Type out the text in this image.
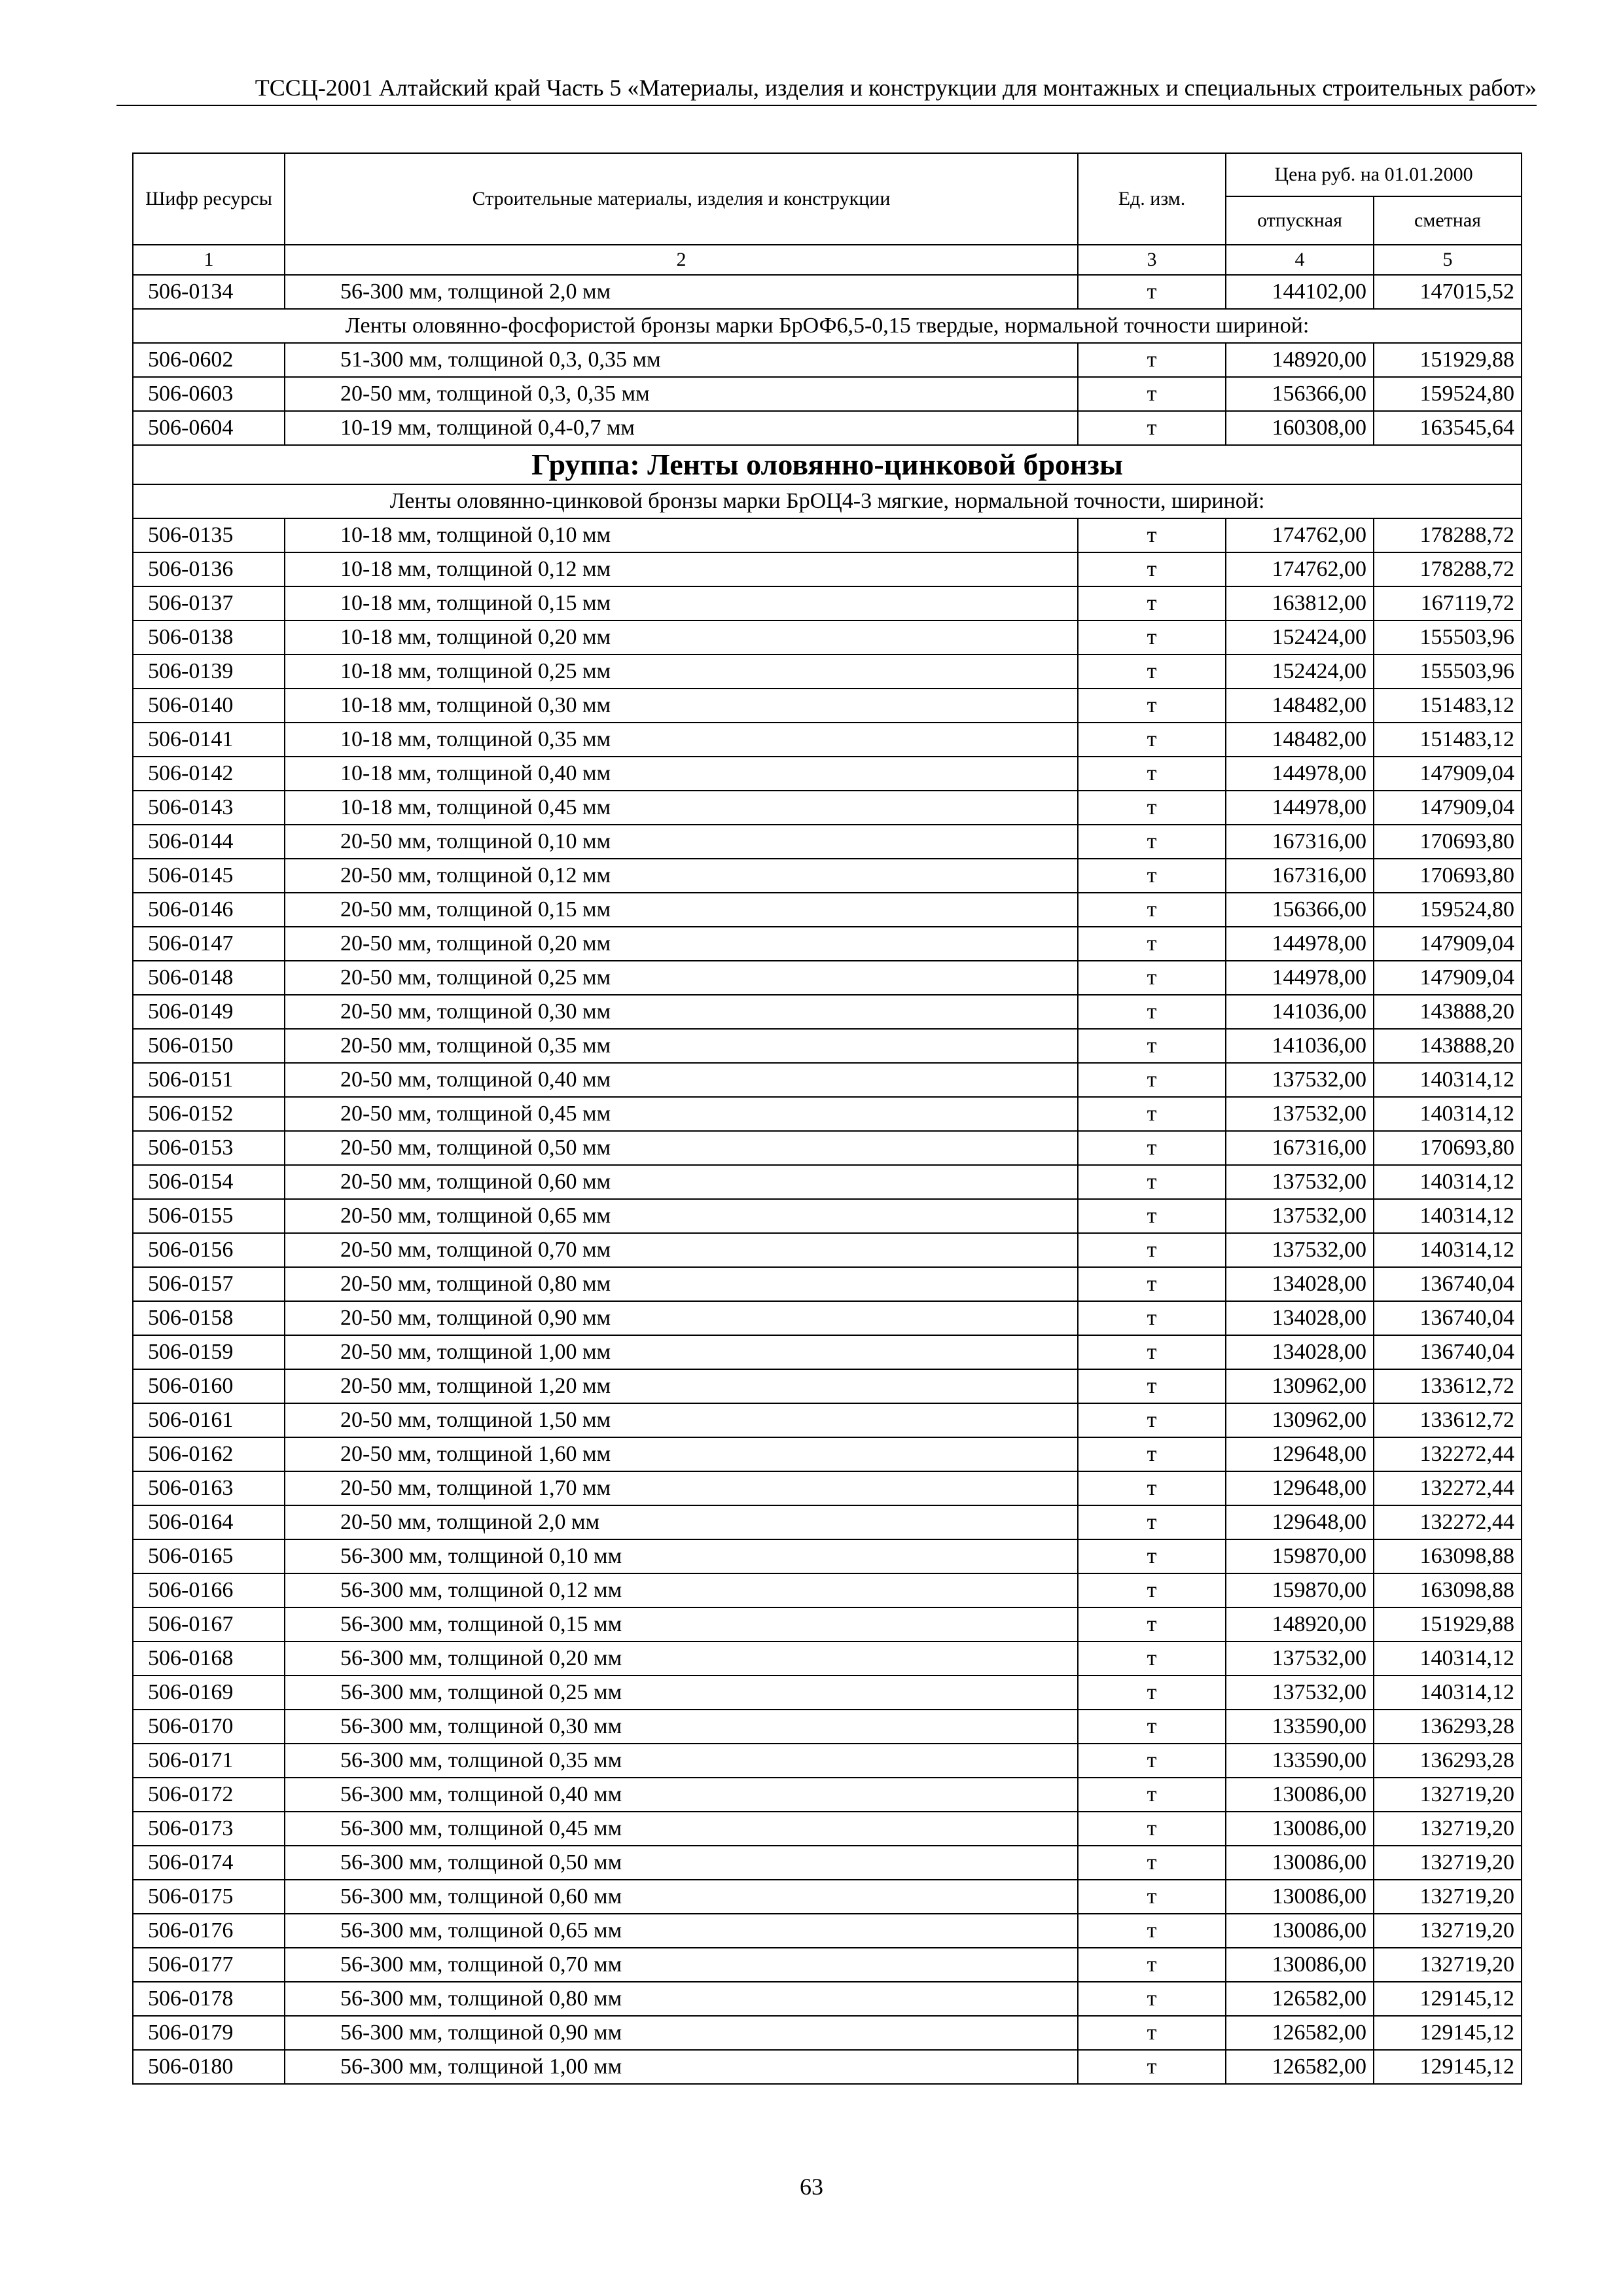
ТССЦ-2001 Алтайский край Часть 5 «Материалы, изделия и конструкции для монтажных и специальных строительных работ»
Шифр ресурсы	Строительные материалы, изделия и конструкции	Ед. изм.	Цена руб. на 01.01.2000	
			отпускная	сметная
1	2	3	4	5
506-0134	56-300 мм, толщиной 2,0 мм	т	144102,00	147015,52
Ленты оловянно-фосфористой бронзы марки БрОФ6,5-0,15 твердые, нормальной точности шириной:				
506-0602	51-300 мм, толщиной 0,3, 0,35 мм	т	148920,00	151929,88
506-0603	20-50 мм, толщиной 0,3, 0,35 мм	т	156366,00	159524,80
506-0604	10-19 мм, толщиной 0,4-0,7 мм	т	160308,00	163545,64
Группа: Ленты оловянно-цинковой бронзы				
Ленты оловянно-цинковой бронзы марки БрОЦ4-3 мягкие, нормальной точности, шириной:				
506-0135	10-18 мм, толщиной 0,10 мм	т	174762,00	178288,72
506-0136	10-18 мм, толщиной 0,12 мм	т	174762,00	178288,72
506-0137	10-18 мм, толщиной 0,15 мм	т	163812,00	167119,72
506-0138	10-18 мм, толщиной 0,20 мм	т	152424,00	155503,96
506-0139	10-18 мм, толщиной 0,25 мм	т	152424,00	155503,96
506-0140	10-18 мм, толщиной 0,30 мм	т	148482,00	151483,12
506-0141	10-18 мм, толщиной 0,35 мм	т	148482,00	151483,12
506-0142	10-18 мм, толщиной 0,40 мм	т	144978,00	147909,04
506-0143	10-18 мм, толщиной 0,45 мм	т	144978,00	147909,04
506-0144	20-50 мм, толщиной 0,10 мм	т	167316,00	170693,80
506-0145	20-50 мм, толщиной 0,12 мм	т	167316,00	170693,80
506-0146	20-50 мм, толщиной 0,15 мм	т	156366,00	159524,80
506-0147	20-50 мм, толщиной 0,20 мм	т	144978,00	147909,04
506-0148	20-50 мм, толщиной 0,25 мм	т	144978,00	147909,04
506-0149	20-50 мм, толщиной 0,30 мм	т	141036,00	143888,20
506-0150	20-50 мм, толщиной 0,35 мм	т	141036,00	143888,20
506-0151	20-50 мм, толщиной 0,40 мм	т	137532,00	140314,12
506-0152	20-50 мм, толщиной 0,45 мм	т	137532,00	140314,12
506-0153	20-50 мм, толщиной 0,50 мм	т	167316,00	170693,80
506-0154	20-50 мм, толщиной 0,60 мм	т	137532,00	140314,12
506-0155	20-50 мм, толщиной 0,65 мм	т	137532,00	140314,12
506-0156	20-50 мм, толщиной 0,70 мм	т	137532,00	140314,12
506-0157	20-50 мм, толщиной 0,80 мм	т	134028,00	136740,04
506-0158	20-50 мм, толщиной 0,90 мм	т	134028,00	136740,04
506-0159	20-50 мм, толщиной 1,00 мм	т	134028,00	136740,04
506-0160	20-50 мм, толщиной 1,20 мм	т	130962,00	133612,72
506-0161	20-50 мм, толщиной 1,50 мм	т	130962,00	133612,72
506-0162	20-50 мм, толщиной 1,60 мм	т	129648,00	132272,44
506-0163	20-50 мм, толщиной 1,70 мм	т	129648,00	132272,44
506-0164	20-50 мм, толщиной 2,0 мм	т	129648,00	132272,44
506-0165	56-300 мм, толщиной 0,10 мм	т	159870,00	163098,88
506-0166	56-300 мм, толщиной 0,12 мм	т	159870,00	163098,88
506-0167	56-300 мм, толщиной 0,15 мм	т	148920,00	151929,88
506-0168	56-300 мм, толщиной 0,20 мм	т	137532,00	140314,12
506-0169	56-300 мм, толщиной 0,25 мм	т	137532,00	140314,12
506-0170	56-300 мм, толщиной 0,30 мм	т	133590,00	136293,28
506-0171	56-300 мм, толщиной 0,35 мм	т	133590,00	136293,28
506-0172	56-300 мм, толщиной 0,40 мм	т	130086,00	132719,20
506-0173	56-300 мм, толщиной 0,45 мм	т	130086,00	132719,20
506-0174	56-300 мм, толщиной 0,50 мм	т	130086,00	132719,20
506-0175	56-300 мм, толщиной 0,60 мм	т	130086,00	132719,20
506-0176	56-300 мм, толщиной 0,65 мм	т	130086,00	132719,20
506-0177	56-300 мм, толщиной 0,70 мм	т	130086,00	132719,20
506-0178	56-300 мм, толщиной 0,80 мм	т	126582,00	129145,12
506-0179	56-300 мм, толщиной 0,90 мм	т	126582,00	129145,12
506-0180	56-300 мм, толщиной 1,00 мм	т	126582,00	129145,12
63
